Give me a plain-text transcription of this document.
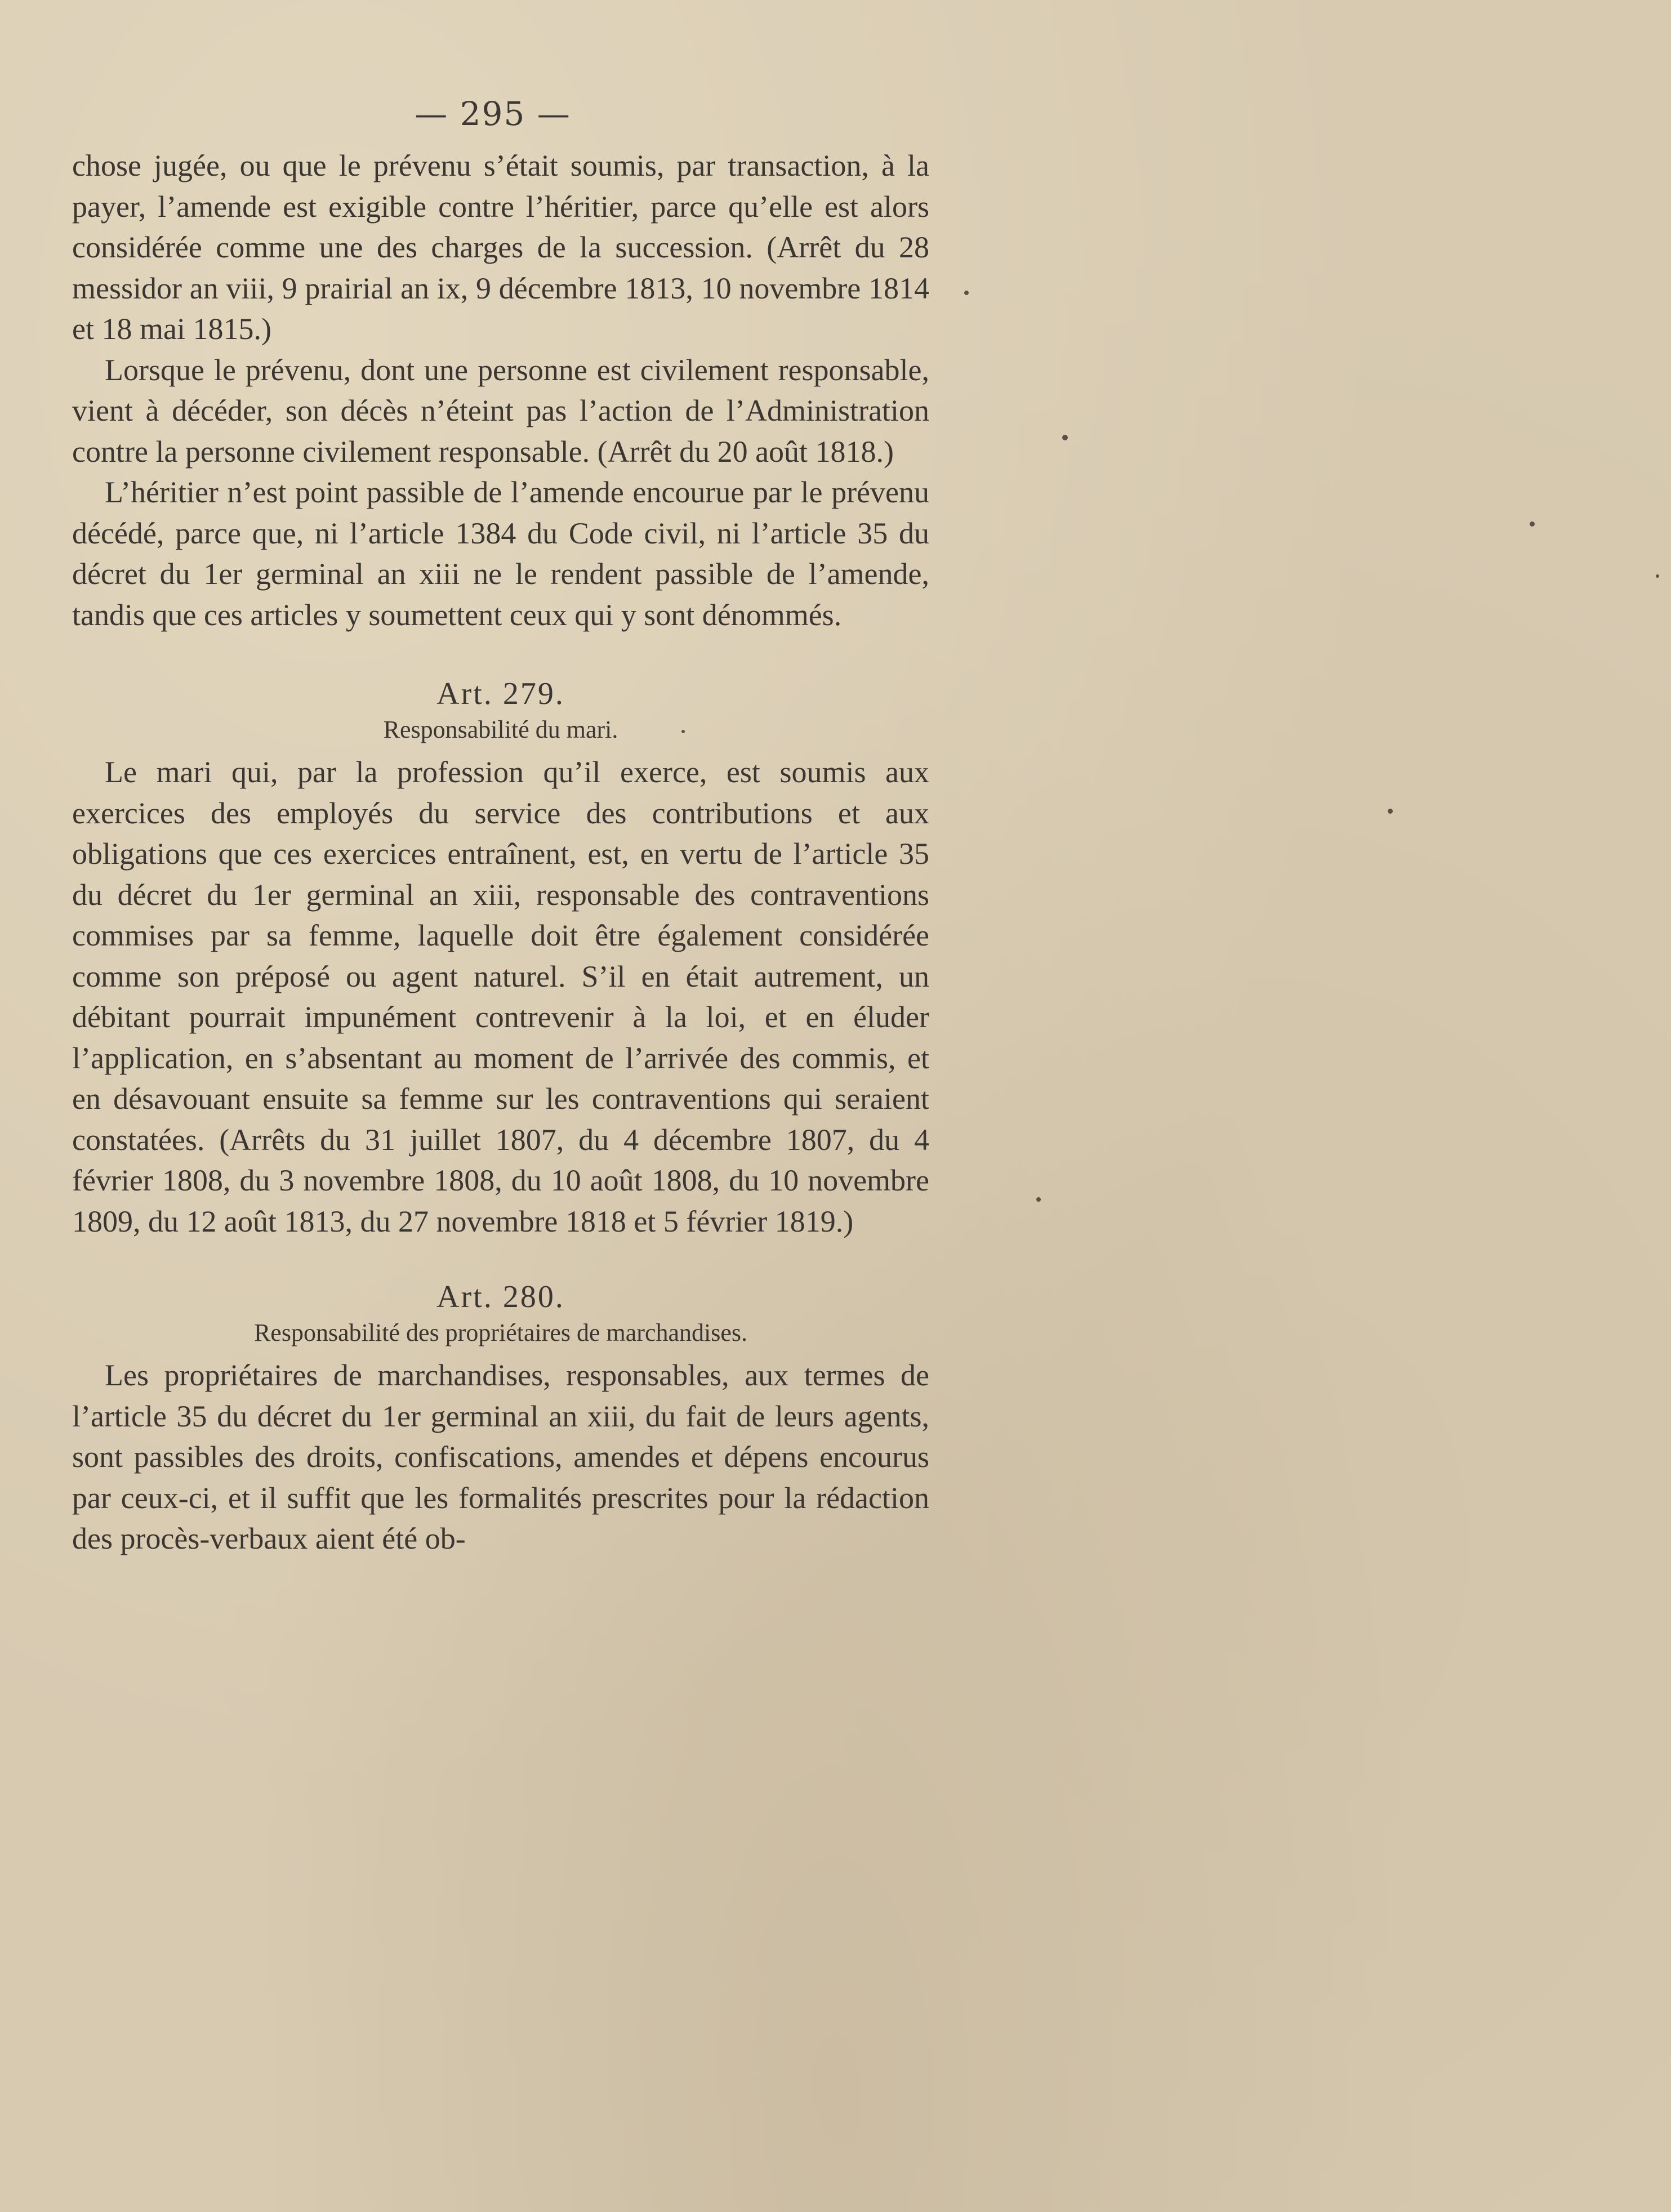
— 295 —

chose jugée, ou que le prévenu s’était soumis, par transaction, à la payer, l’amende est exigible contre l’héritier, parce qu’elle est alors considérée comme une des charges de la succession. (Arrêt du 28 messidor an viii, 9 prairial an ix, 9 décembre 1813, 10 novembre 1814 et 18 mai 1815.)

Lorsque le prévenu, dont une personne est civilement responsable, vient à décéder, son décès n’éteint pas l’action de l’Administration contre la personne civilement responsable. (Arrêt du 20 août 1818.)

L’héritier n’est point passible de l’amende encourue par le prévenu décédé, parce que, ni l’article 1384 du Code civil, ni l’article 35 du décret du 1er germinal an xiii ne le rendent passible de l’amende, tandis que ces articles y soumettent ceux qui y sont dénommés.

Art. 279.

Responsabilité du mari.

Le mari qui, par la profession qu’il exerce, est soumis aux exercices des employés du service des contributions et aux obligations que ces exercices entraînent, est, en vertu de l’article 35 du décret du 1er germinal an xiii, responsable des contraventions commises par sa femme, laquelle doit être également considérée comme son préposé ou agent naturel. S’il en était autrement, un débitant pourrait impunément contrevenir à la loi, et en éluder l’application, en s’absentant au moment de l’arrivée des commis, et en désavouant ensuite sa femme sur les contraventions qui seraient constatées. (Arrêts du 31 juillet 1807, du 4 décembre 1807, du 4 février 1808, du 3 novembre 1808, du 10 août 1808, du 10 novembre 1809, du 12 août 1813, du 27 novembre 1818 et 5 février 1819.)

Art. 280.

Responsabilité des propriétaires de marchandises.

Les propriétaires de marchandises, responsables, aux termes de l’article 35 du décret du 1er germinal an xiii, du fait de leurs agents, sont passibles des droits, confiscations, amendes et dépens encourus par ceux-ci, et il suffit que les formalités prescrites pour la rédaction des procès-verbaux aient été ob-
